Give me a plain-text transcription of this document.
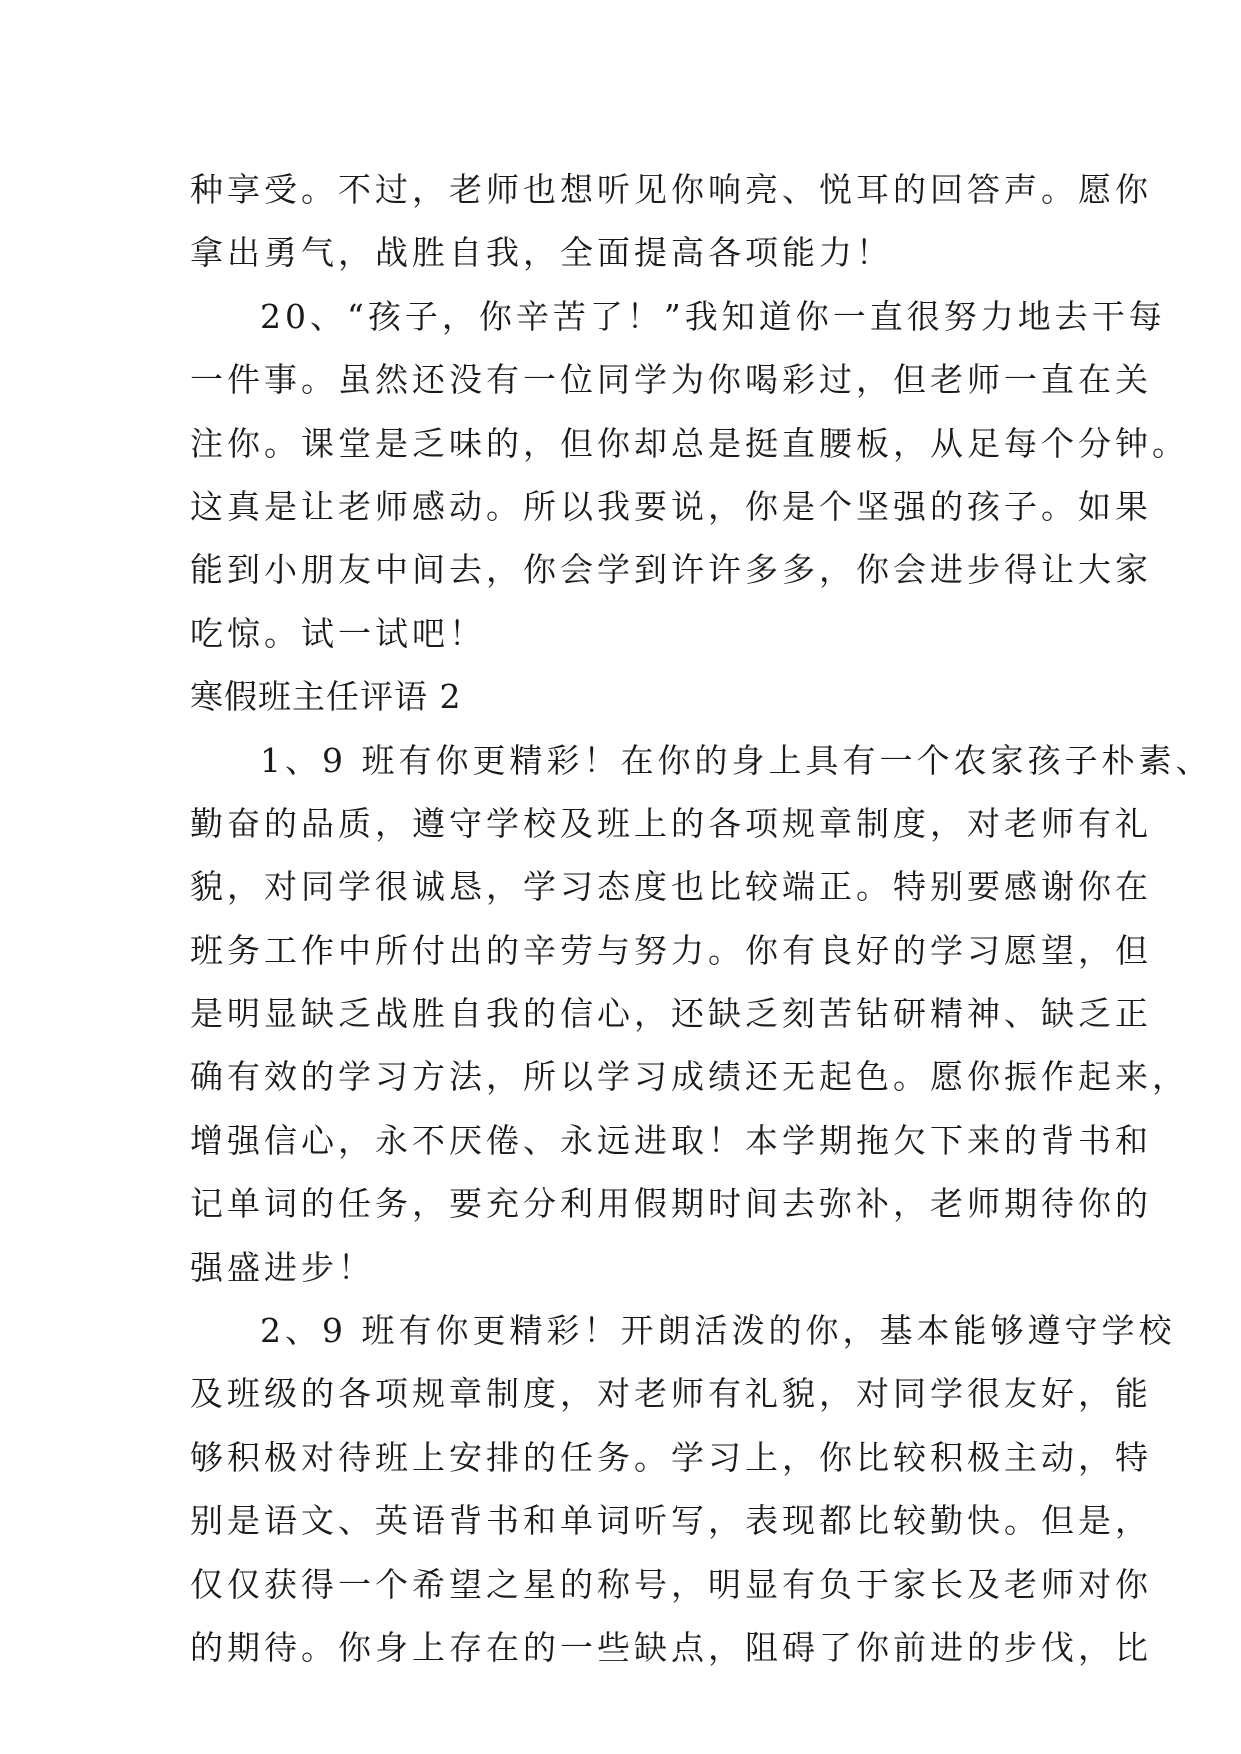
种享受。不过，老师也想听见你响亮、悦耳的回答声。愿你
拿出勇气，战胜自我，全面提高各项能力！
20、“孩子，你辛苦了！”我知道你一直很努力地去干每
一件事。虽然还没有一位同学为你喝彩过，但老师一直在关
注你。课堂是乏味的，但你却总是挺直腰板，从足每个分钟。
这真是让老师感动。所以我要说，你是个坚强的孩子。如果
能到小朋友中间去，你会学到许许多多，你会进步得让大家
吃惊。试一试吧！
寒假班主任评语 2
1、9 班有你更精彩！在你的身上具有一个农家孩子朴素、
勤奋的品质，遵守学校及班上的各项规章制度，对老师有礼
貌，对同学很诚恳，学习态度也比较端正。特别要感谢你在
班务工作中所付出的辛劳与努力。你有良好的学习愿望，但
是明显缺乏战胜自我的信心，还缺乏刻苦钻研精神、缺乏正
确有效的学习方法，所以学习成绩还无起色。愿你振作起来，
增强信心，永不厌倦、永远进取！本学期拖欠下来的背书和
记单词的任务，要充分利用假期时间去弥补，老师期待你的
强盛进步！
2、9 班有你更精彩！开朗活泼的你，基本能够遵守学校
及班级的各项规章制度，对老师有礼貌，对同学很友好，能
够积极对待班上安排的任务。学习上，你比较积极主动，特
别是语文、英语背书和单词听写，表现都比较勤快。但是，
仅仅获得一个希望之星的称号，明显有负于家长及老师对你
的期待。你身上存在的一些缺点，阻碍了你前进的步伐，比
